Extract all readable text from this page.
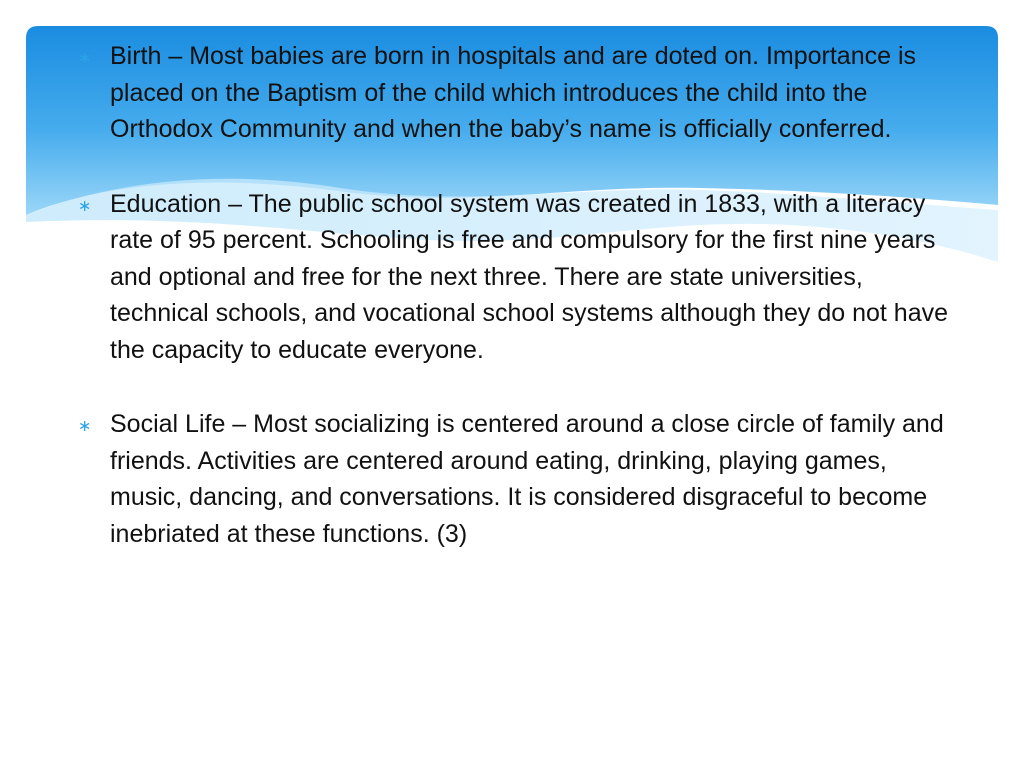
∗ Birth – Most babies are born in hospitals and are doted on. Importance is placed on the Baptism of the child which introduces the child into the Orthodox Community and when the baby’s name is officially conferred.

∗ Education – The public school system was created in 1833, with a literacy rate of 95 percent. Schooling is free and compulsory for the first nine years and optional and free for the next three. There are state universities, technical schools, and vocational school systems although they do not have the capacity to educate everyone.

∗ Social Life – Most socializing is centered around a close circle of family and friends. Activities are centered around eating, drinking, playing games, music, dancing, and conversations. It is considered disgraceful to become inebriated at these functions. (3)
